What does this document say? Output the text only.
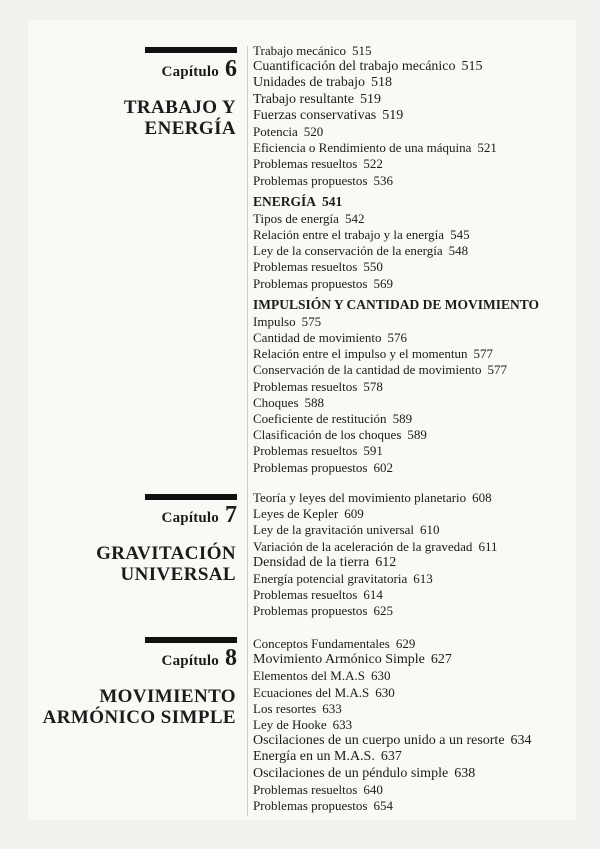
Capítulo 6
TRABAJO Y
ENERGÍA
Trabajo mecánico 515
Cuantificación del trabajo mecánico 515
Unidades de trabajo 518
Trabajo resultante 519
Fuerzas conservativas 519
Potencia 520
Eficiencia o Rendimiento de una máquina 521
Problemas resueltos 522
Problemas propuestos 536
ENERGÍA 541
Tipos de energía 542
Relación entre el trabajo y la energía 545
Ley de la conservación de la energía 548
Problemas resueltos 550
Problemas propuestos 569
IMPULSIÓN Y CANTIDAD DE MOVIMIENTO
Impulso 575
Cantidad de movimiento 576
Relación entre el impulso y el momentun 577
Conservación de la cantidad de movimiento 577
Problemas resueltos 578
Choques 588
Coeficiente de restitución 589
Clasificación de los choques 589
Problemas resueltos 591
Problemas propuestos 602
Capítulo 7
GRAVITACIÓN
UNIVERSAL
Teoría y leyes del movimiento planetario 608
Leyes de Kepler 609
Ley de la gravitación universal 610
Variación de la aceleración de la gravedad 611
Densidad de la tierra 612
Energía potencial gravitatoria 613
Problemas resueltos 614
Problemas propuestos 625
Capítulo 8
MOVIMIENTO
ARMÓNICO SIMPLE
Conceptos Fundamentales 629
Movimiento Armónico Simple 627
Elementos del M.A.S 630
Ecuaciones del M.A.S 630
Los resortes 633
Ley de Hooke 633
Oscilaciones de un cuerpo unido a un resorte 634
Energía en un M.A.S. 637
Oscilaciones de un péndulo simple 638
Problemas resueltos 640
Problemas propuestos 654
